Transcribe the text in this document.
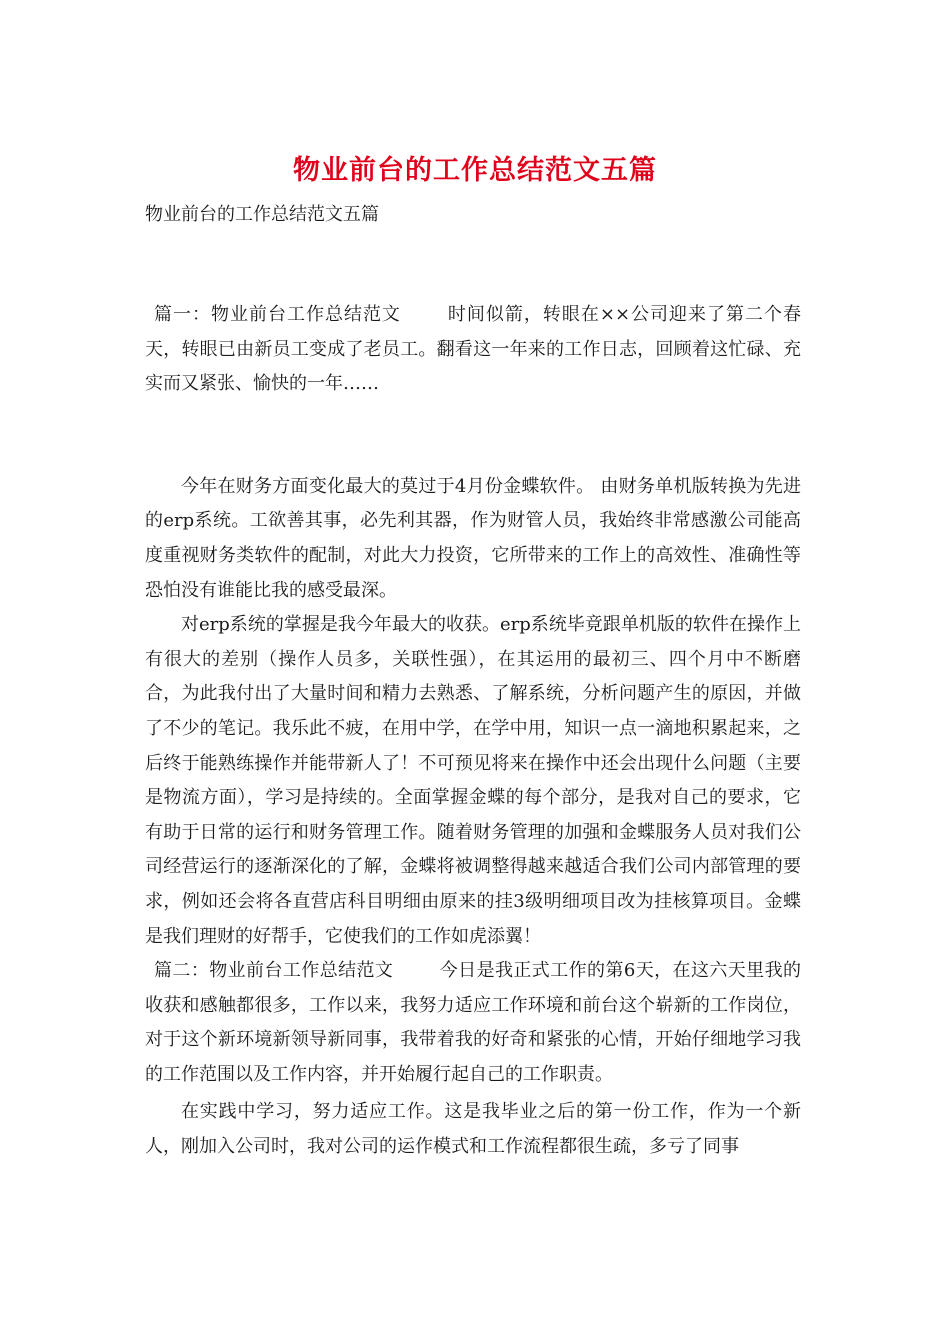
物业前台的工作总结范文五篇

物业前台的工作总结范文五篇

篇一：物业前台工作总结范文	时间似箭，转眼在××公司迎来了第二个春天，转眼已由新员工变成了老员工。翻看这一年来的工作日志，回顾着这忙碌、充实而又紧张、愉快的一年……

今年在财务方面变化最大的莫过于4月份金蝶软件。 由财务单机版转换为先进的erp系统。工欲善其事，必先利其器，作为财管人员，我始终非常感激公司能高度重视财务类软件的配制，对此大力投资，它所带来的工作上的高效性、准确性等恐怕没有谁能比我的感受最深。

对erp系统的掌握是我今年最大的收获。erp系统毕竟跟单机版的软件在操作上有很大的差别（操作人员多，关联性强），在其运用的最初三、四个月中不断磨合，为此我付出了大量时间和精力去熟悉、了解系统，分析问题产生的原因，并做了不少的笔记。我乐此不疲，在用中学，在学中用，知识一点一滴地积累起来，之后终于能熟练操作并能带新人了！不可预见将来在操作中还会出现什么问题（主要是物流方面），学习是持续的。全面掌握金蝶的每个部分，是我对自己的要求，它有助于日常的运行和财务管理工作。随着财务管理的加强和金蝶服务人员对我们公司经营运行的逐渐深化的了解，金蝶将被调整得越来越适合我们公司内部管理的要求，例如还会将各直营店科目明细由原来的挂3级明细项目改为挂核算项目。金蝶是我们理财的好帮手，它使我们的工作如虎添翼！

篇二：物业前台工作总结范文	今日是我正式工作的第6天，在这六天里我的收获和感触都很多，工作以来，我努力适应工作环境和前台这个崭新的工作岗位，对于这个新环境新领导新同事，我带着我的好奇和紧张的心情，开始仔细地学习我的工作范围以及工作内容，并开始履行起自己的工作职责。

在实践中学习，努力适应工作。这是我毕业之后的第一份工作，作为一个新人，刚加入公司时，我对公司的运作模式和工作流程都很生疏，多亏了同事
